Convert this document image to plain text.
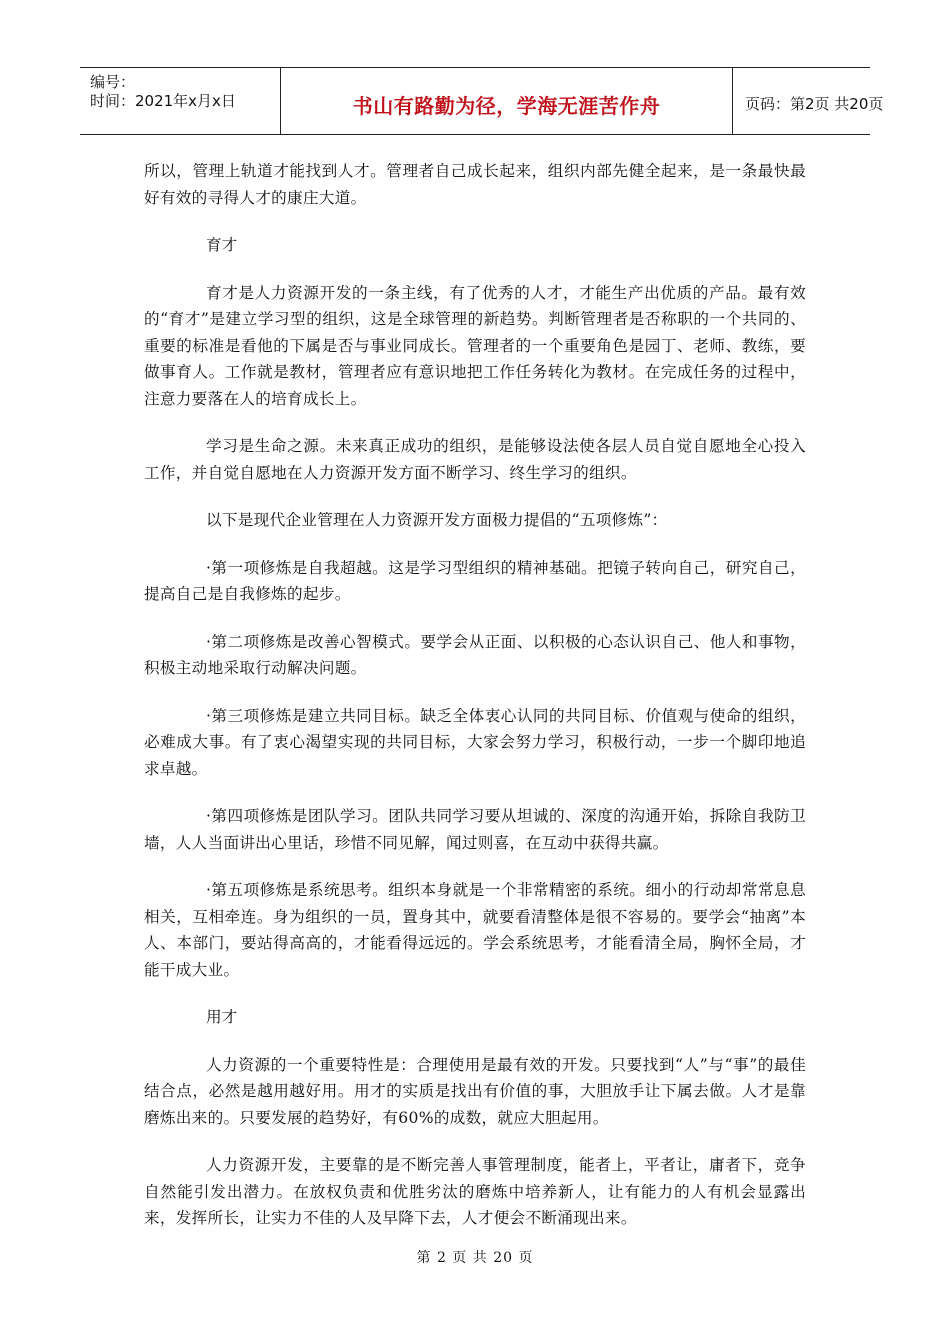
编号：
时间：2021年x月x日	书山有路勤为径，学海无涯苦作舟	页码：第2页 共20页

所以，管理上轨道才能找到人才。管理者自己成长起来，组织内部先健全起来，是一条最快最好有效的寻得人才的康庄大道。

育才

育才是人力资源开发的一条主线，有了优秀的人才，才能生产出优质的产品。最有效的“育才”是建立学习型的组织，这是全球管理的新趋势。判断管理者是否称职的一个共同的、重要的标准是看他的下属是否与事业同成长。管理者的一个重要角色是园丁、老师、教练，要做事育人。工作就是教材，管理者应有意识地把工作任务转化为教材。在完成任务的过程中，注意力要落在人的培育成长上。

学习是生命之源。未来真正成功的组织，是能够设法使各层人员自觉自愿地全心投入工作，并自觉自愿地在人力资源开发方面不断学习、终生学习的组织。

以下是现代企业管理在人力资源开发方面极力提倡的“五项修炼”：

·第一项修炼是自我超越。这是学习型组织的精神基础。把镜子转向自己，研究自己，提高自己是自我修炼的起步。

·第二项修炼是改善心智模式。要学会从正面、以积极的心态认识自己、他人和事物，积极主动地采取行动解决问题。

·第三项修炼是建立共同目标。缺乏全体衷心认同的共同目标、价值观与使命的组织，必难成大事。有了衷心渴望实现的共同目标，大家会努力学习，积极行动，一步一个脚印地追求卓越。

·第四项修炼是团队学习。团队共同学习要从坦诚的、深度的沟通开始，拆除自我防卫墙，人人当面讲出心里话，珍惜不同见解，闻过则喜，在互动中获得共赢。

·第五项修炼是系统思考。组织本身就是一个非常精密的系统。细小的行动却常常息息相关，互相牵连。身为组织的一员，置身其中，就要看清整体是很不容易的。要学会“抽离”本人、本部门，要站得高高的，才能看得远远的。学会系统思考，才能看清全局，胸怀全局，才能干成大业。

用才

人力资源的一个重要特性是：合理使用是最有效的开发。只要找到“人”与“事”的最佳结合点，必然是越用越好用。用才的实质是找出有价值的事，大胆放手让下属去做。人才是靠磨炼出来的。只要发展的趋势好，有60%的成数，就应大胆起用。

人力资源开发，主要靠的是不断完善人事管理制度，能者上，平者让，庸者下，竞争自然能引发出潜力。在放权负责和优胜劣汰的磨炼中培养新人，让有能力的人有机会显露出来，发挥所长，让实力不佳的人及早降下去，人才便会不断涌现出来。

第 2 页 共 20 页
